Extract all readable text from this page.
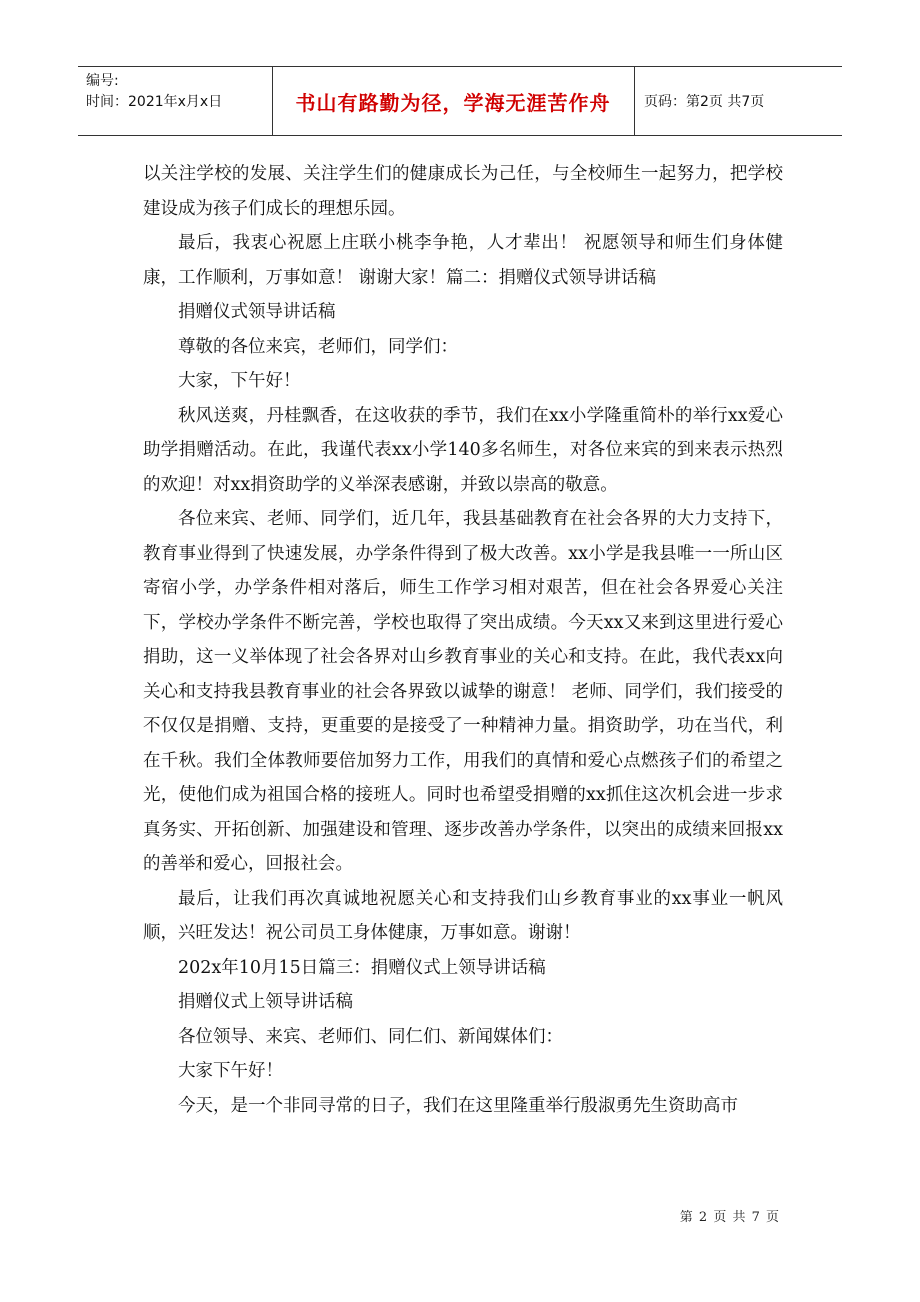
编号:
时间：2021年x月x日	书山有路勤为径，学海无涯苦作舟	页码：第2页 共7页

以关注学校的发展、关注学生们的健康成长为己任，与全校师生一起努力，把学校建设成为孩子们成长的理想乐园。

最后，我衷心祝愿上庄联小桃李争艳，人才辈出！ 祝愿领导和师生们身体健康，工作顺利，万事如意！ 谢谢大家！篇二：捐赠仪式领导讲话稿

捐赠仪式领导讲话稿

尊敬的各位来宾，老师们，同学们：

大家，下午好！

秋风送爽，丹桂飘香，在这收获的季节，我们在xx小学隆重简朴的举行xx爱心助学捐赠活动。在此，我谨代表xx小学140多名师生，对各位来宾的到来表示热烈的欢迎！对xx捐资助学的义举深表感谢，并致以崇高的敬意。

各位来宾、老师、同学们，近几年，我县基础教育在社会各界的大力支持下，教育事业得到了快速发展，办学条件得到了极大改善。xx小学是我县唯一一所山区寄宿小学，办学条件相对落后，师生工作学习相对艰苦，但在社会各界爱心关注下，学校办学条件不断完善，学校也取得了突出成绩。今天xx又来到这里进行爱心捐助，这一义举体现了社会各界对山乡教育事业的关心和支持。在此，我代表xx向关心和支持我县教育事业的社会各界致以诚挚的谢意！ 老师、同学们，我们接受的不仅仅是捐赠、支持，更重要的是接受了一种精神力量。捐资助学，功在当代，利在千秋。我们全体教师要倍加努力工作，用我们的真情和爱心点燃孩子们的希望之光，使他们成为祖国合格的接班人。同时也希望受捐赠的xx抓住这次机会进一步求真务实、开拓创新、加强建设和管理、逐步改善办学条件，以突出的成绩来回报xx的善举和爱心，回报社会。

最后，让我们再次真诚地祝愿关心和支持我们山乡教育事业的xx事业一帆风顺，兴旺发达！祝公司员工身体健康，万事如意。谢谢！

202x年10月15日篇三：捐赠仪式上领导讲话稿

捐赠仪式上领导讲话稿

各位领导、来宾、老师们、同仁们、新闻媒体们：

大家下午好！

今天，是一个非同寻常的日子，我们在这里隆重举行殷淑勇先生资助高市

第 2 页 共 7 页
